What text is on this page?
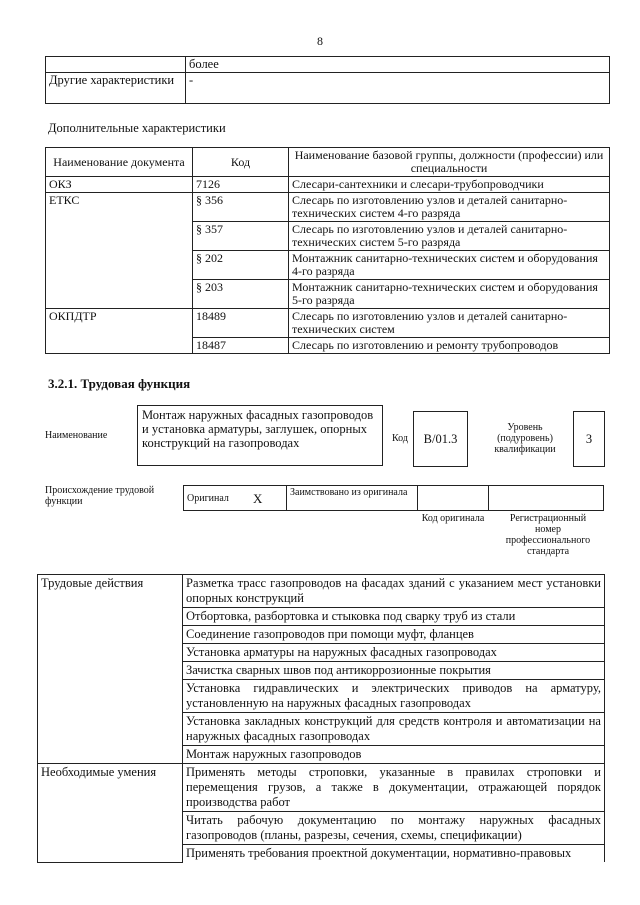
8
	более
Другие характеристики	-
Дополнительные характеристики
Наименование документа	Код	Наименование базовой группы, должности (профессии) или специальности
ОКЗ	7126	Слесари-сантехники и слесари-трубопроводчики
ЕТКС	§ 356	Слесарь по изготовлению узлов и деталей санитарно-технических систем 4-го разряда
	§ 357	Слесарь по изготовлению узлов и деталей санитарно-технических систем 5-го разряда
	§ 202	Монтажник санитарно-технических систем и оборудования 4-го разряда
	§ 203	Монтажник санитарно-технических систем и оборудования 5-го разряда
ОКПДТР	18489	Слесарь по изготовлению узлов и деталей санитарно-технических систем
	18487	Слесарь по изготовлению и ремонту трубопроводов
3.2.1. Трудовая функция
Наименование
Монтаж наружных фасадных газопроводов и установка арматуры, заглушек, опорных конструкций на газопроводах	Код	B/01.3
Уровень (подуровень) квалификации
3
Происхождение трудовой функции	Оригинал	X	Заимствовано из оригинала		
Код оригинала	Регистрационный номер профессионального стандарта
Трудовые действия	Разметка трасс газопроводов на фасадах зданий с указанием мест установки опорных конструкций
	Отбортовка, разбортовка и стыковка под сварку труб из стали
	Соединение газопроводов при помощи муфт, фланцев
	Установка арматуры на наружных фасадных газопроводах
	Зачистка сварных швов под антикоррозионные покрытия
	Установка гидравлических и электрических приводов на арматуру, установленную на наружных фасадных газопроводах
	Установка закладных конструкций для средств контроля и автоматизации на наружных фасадных газопроводах
	Монтаж наружных газопроводов
Необходимые умения	Применять методы строповки, указанные в правилах строповки и перемещения грузов, а также в документации, отражающей порядок производства работ
	Читать рабочую документацию по монтажу наружных фасадных газопроводов (планы, разрезы, сечения, схемы, спецификации)
	Применять требования проектной документации, нормативно-правовых
